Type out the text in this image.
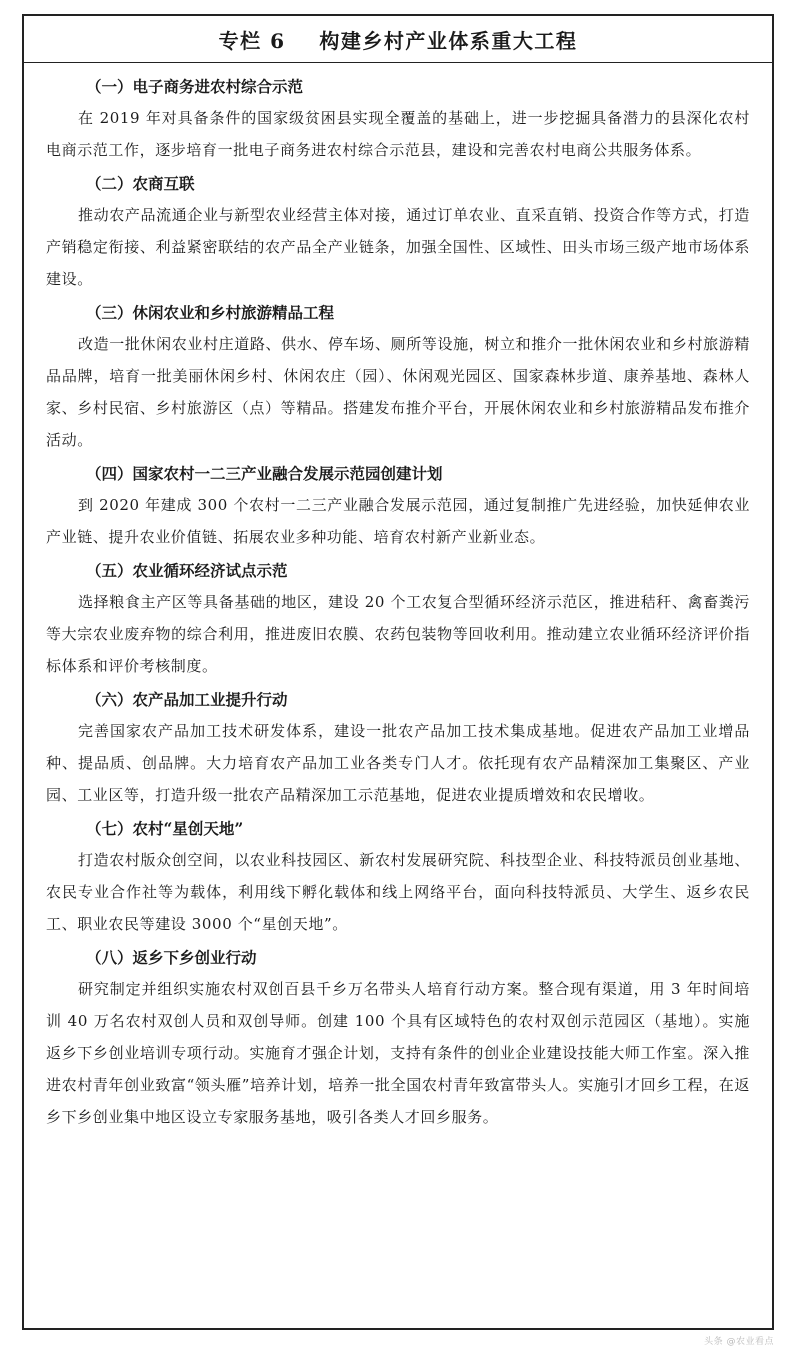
专栏 6    构建乡村产业体系重大工程

（一）电子商务进农村综合示范

在 2019 年对具备条件的国家级贫困县实现全覆盖的基础上，进一步挖掘具备潜力的县深化农村电商示范工作，逐步培育一批电子商务进农村综合示范县，建设和完善农村电商公共服务体系。

（二）农商互联

推动农产品流通企业与新型农业经营主体对接，通过订单农业、直采直销、投资合作等方式，打造产销稳定衔接、利益紧密联结的农产品全产业链条，加强全国性、区域性、田头市场三级产地市场体系建设。

（三）休闲农业和乡村旅游精品工程

改造一批休闲农业村庄道路、供水、停车场、厕所等设施，树立和推介一批休闲农业和乡村旅游精品品牌，培育一批美丽休闲乡村、休闲农庄（园）、休闲观光园区、国家森林步道、康养基地、森林人家、乡村民宿、乡村旅游区（点）等精品。搭建发布推介平台，开展休闲农业和乡村旅游精品发布推介活动。

（四）国家农村一二三产业融合发展示范园创建计划

到 2020 年建成 300 个农村一二三产业融合发展示范园，通过复制推广先进经验，加快延伸农业产业链、提升农业价值链、拓展农业多种功能、培育农村新产业新业态。

（五）农业循环经济试点示范

选择粮食主产区等具备基础的地区，建设 20 个工农复合型循环经济示范区，推进秸秆、禽畜粪污等大宗农业废弃物的综合利用，推进废旧农膜、农药包装物等回收利用。推动建立农业循环经济评价指标体系和评价考核制度。

（六）农产品加工业提升行动

完善国家农产品加工技术研发体系，建设一批农产品加工技术集成基地。促进农产品加工业增品种、提品质、创品牌。大力培育农产品加工业各类专门人才。依托现有农产品精深加工集聚区、产业园、工业区等，打造升级一批农产品精深加工示范基地，促进农业提质增效和农民增收。

（七）农村“星创天地”

打造农村版众创空间，以农业科技园区、新农村发展研究院、科技型企业、科技特派员创业基地、农民专业合作社等为载体，利用线下孵化载体和线上网络平台，面向科技特派员、大学生、返乡农民工、职业农民等建设 3000 个“星创天地”。

（八）返乡下乡创业行动

研究制定并组织实施农村双创百县千乡万名带头人培育行动方案。整合现有渠道，用 3 年时间培训 40 万名农村双创人员和双创导师。创建 100 个具有区域特色的农村双创示范园区（基地）。实施返乡下乡创业培训专项行动。实施育才强企计划，支持有条件的创业企业建设技能大师工作室。深入推进农村青年创业致富“领头雁”培养计划，培养一批全国农村青年致富带头人。实施引才回乡工程，在返乡下乡创业集中地区设立专家服务基地，吸引各类人才回乡服务。

头条 @农业看点
